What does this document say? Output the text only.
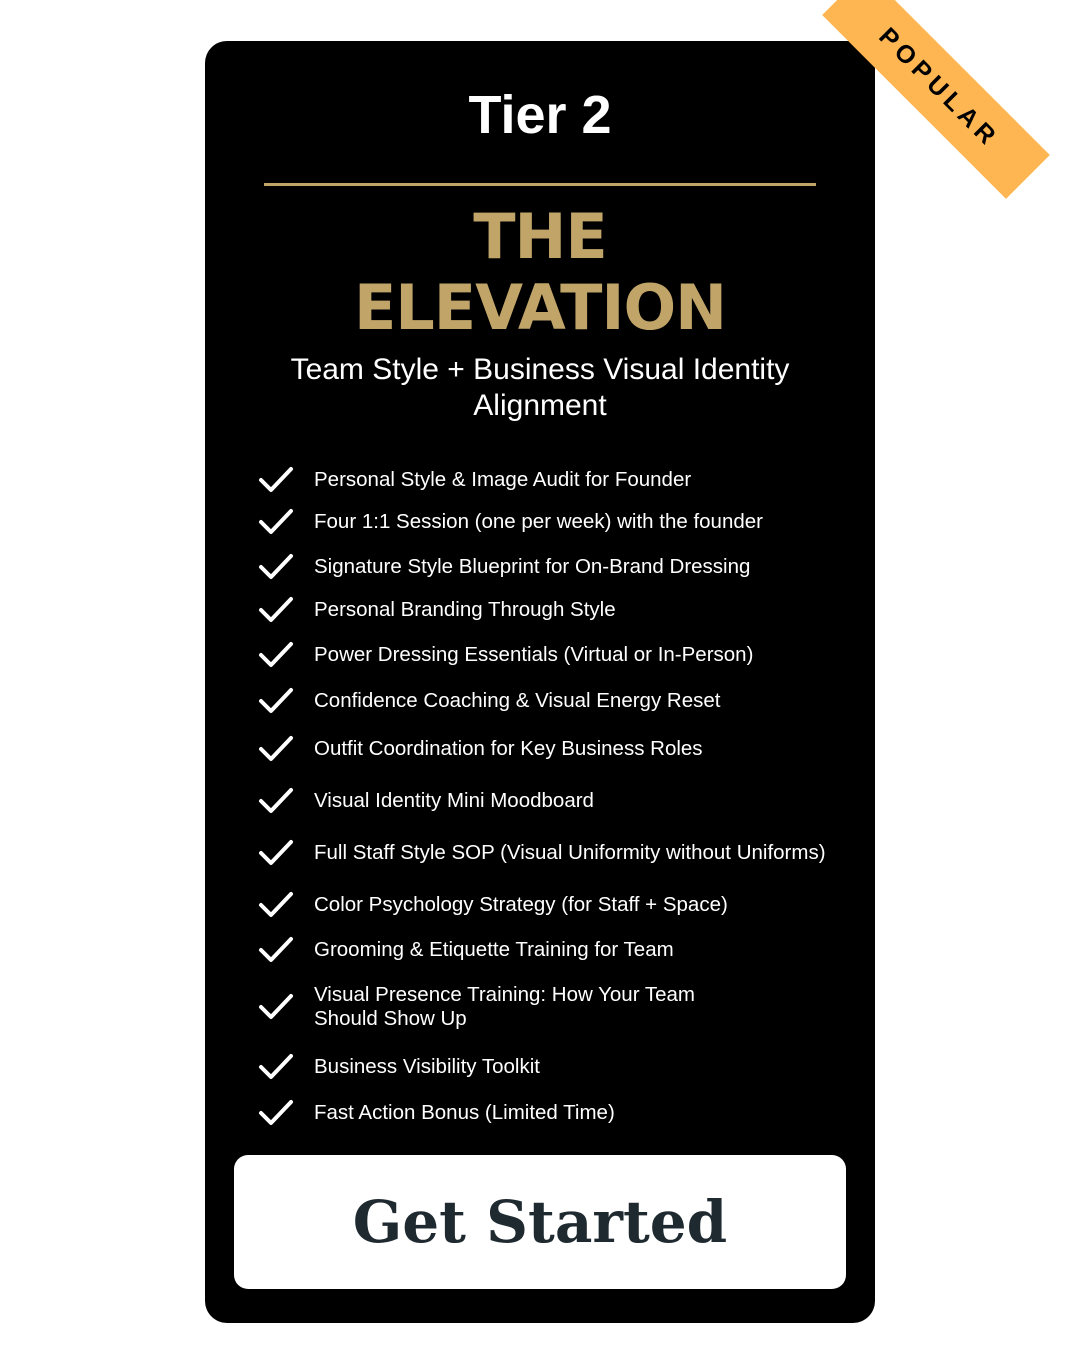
POPULAR
Tier 2
THE
ELEVATION
Team Style + Business Visual Identity
Alignment
Personal Style & Image Audit for Founder
Four 1:1 Session (one per week) with the founder
Signature Style Blueprint for On-Brand Dressing
Personal Branding Through Style
Power Dressing Essentials (Virtual or In-Person)
Confidence Coaching & Visual Energy Reset
Outfit Coordination for Key Business Roles
Visual Identity Mini Moodboard
Full Staff Style SOP (Visual Uniformity without Uniforms)
Color Psychology Strategy (for Staff + Space)
Grooming & Etiquette Training for Team
Visual Presence Training: How Your Team
Should Show Up
Business Visibility Toolkit
Fast Action Bonus (Limited Time)
Get Started
